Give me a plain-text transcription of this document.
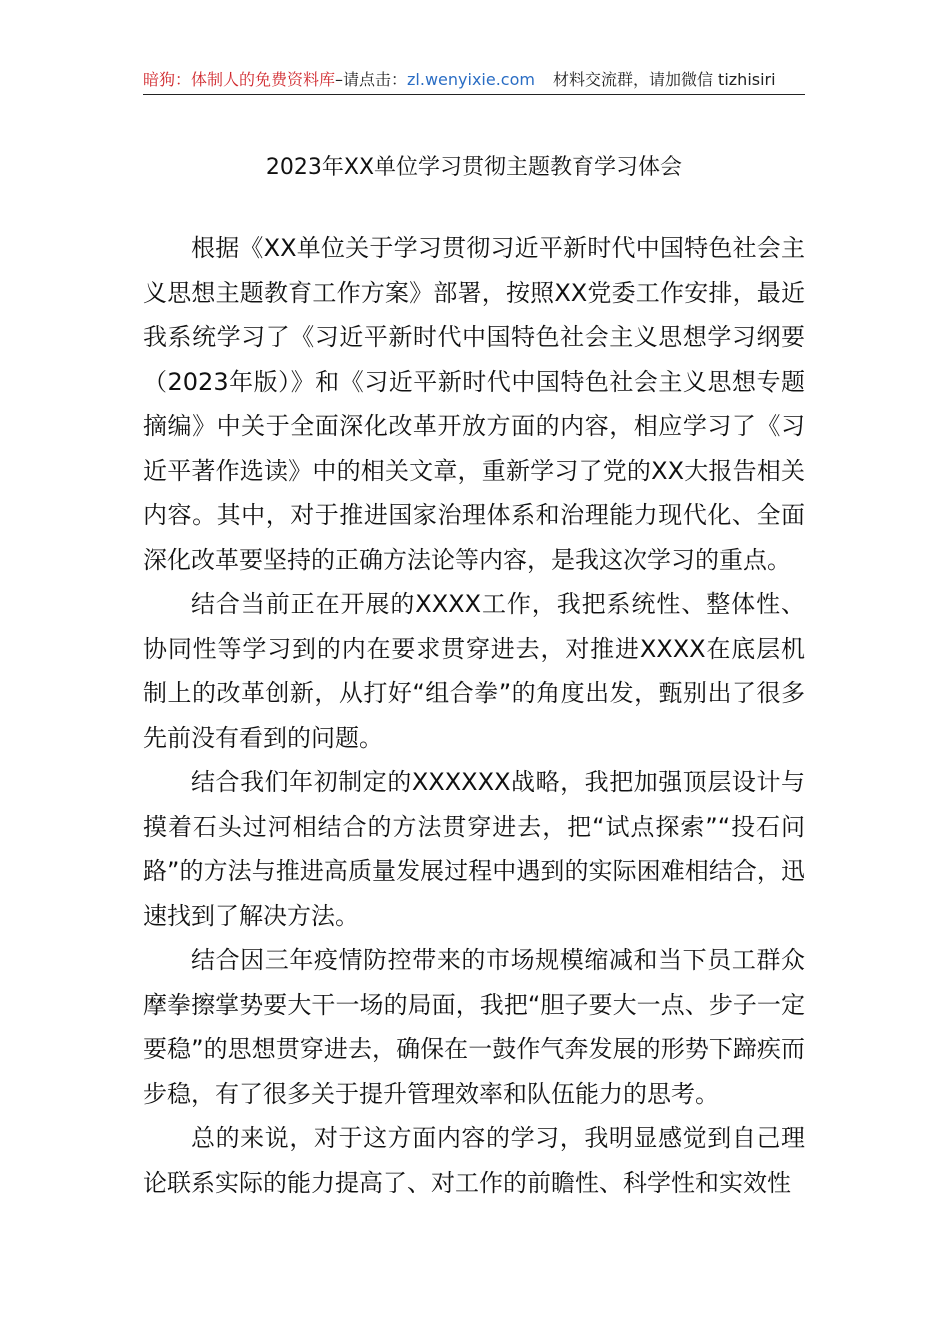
暗狗：体制人的免费资料库–请点击：zl.wenyixie.com 材料交流群，请加微信 tizhisiri
2023年XX单位学习贯彻主题教育学习体会

根据《XX单位关于学习贯彻习近平新时代中国特色社会主义思想主题教育工作方案》部署，按照XX党委工作安排，最近我系统学习了《习近平新时代中国特色社会主义思想学习纲要（2023年版）》和《习近平新时代中国特色社会主义思想专题摘编》中关于全面深化改革开放方面的内容，相应学习了《习近平著作选读》中的相关文章，重新学习了党的XX大报告相关内容。其中，对于推进国家治理体系和治理能力现代化、全面深化改革要坚持的正确方法论等内容，是我这次学习的重点。

结合当前正在开展的XXXX工作，我把系统性、整体性、协同性等学习到的内在要求贯穿进去，对推进XXXX在底层机制上的改革创新，从打好“组合拳”的角度出发，甄别出了很多先前没有看到的问题。

结合我们年初制定的XXXXXX战略，我把加强顶层设计与摸着石头过河相结合的方法贯穿进去，把“试点探索”“投石问路”的方法与推进高质量发展过程中遇到的实际困难相结合，迅速找到了解决方法。

结合因三年疫情防控带来的市场规模缩减和当下员工群众摩拳擦掌势要大干一场的局面，我把“胆子要大一点、步子一定要稳”的思想贯穿进去，确保在一鼓作气奔发展的形势下蹄疾而步稳，有了很多关于提升管理效率和队伍能力的思考。

总的来说，对于这方面内容的学习，我明显感觉到自己理论联系实际的能力提高了、对工作的前瞻性、科学性和实效性
